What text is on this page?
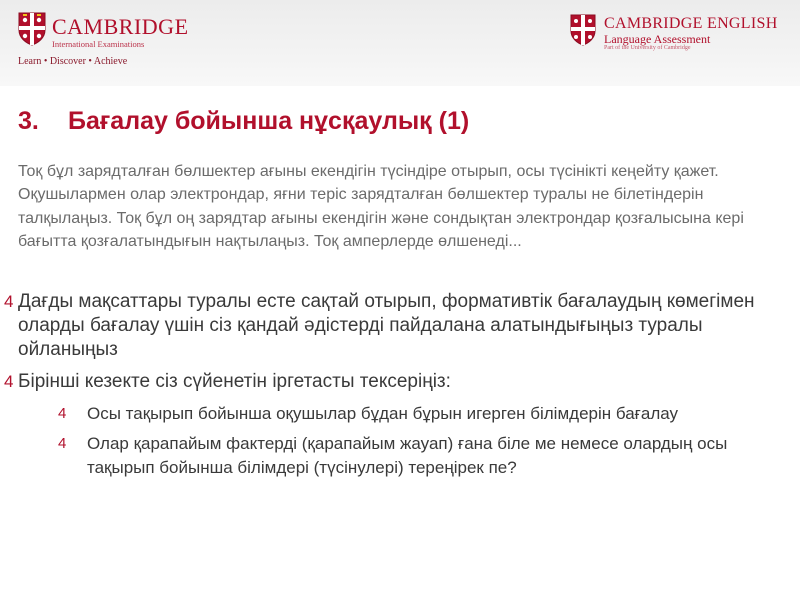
CAMBRIDGE
International Examinations
Learn • Discover • Achieve
CAMBRIDGE ENGLISH
Language Assessment
Part of the University of Cambridge
3. Бағалау бойынша нұсқаулық (1)

Тоқ бұл зарядталған бөлшектер ағыны екендігін түсіндіре отырып, осы түсінікті кеңейту қажет. Оқушылармен олар электрондар, яғни теріс зарядталған бөлшектер туралы не білетіндерін талқылаңыз. Тоқ бұл оң зарядтар ағыны екендігін және сондықтан электрондар қозғалысына кері бағытта қозғалатындығын нақтылаңыз. Тоқ амперлерде өлшенеді...

4 Дағды мақсаттары туралы есте сақтай отырып, формативтік бағалаудың көмегімен оларды бағалау үшін сіз қандай әдістерді пайдалана алатындығыңыз туралы ойланыңыз
4 Бірінші кезекте сіз сүйенетін іргетасты тексеріңіз:
4 Осы тақырып бойынша оқушылар бұдан бұрын игерген білімдерін бағалау
4 Олар қарапайым фактерді (қарапайым жауап) ғана біле ме немесе олардың осы тақырып бойынша білімдері (түсінулері) тереңірек пе?
